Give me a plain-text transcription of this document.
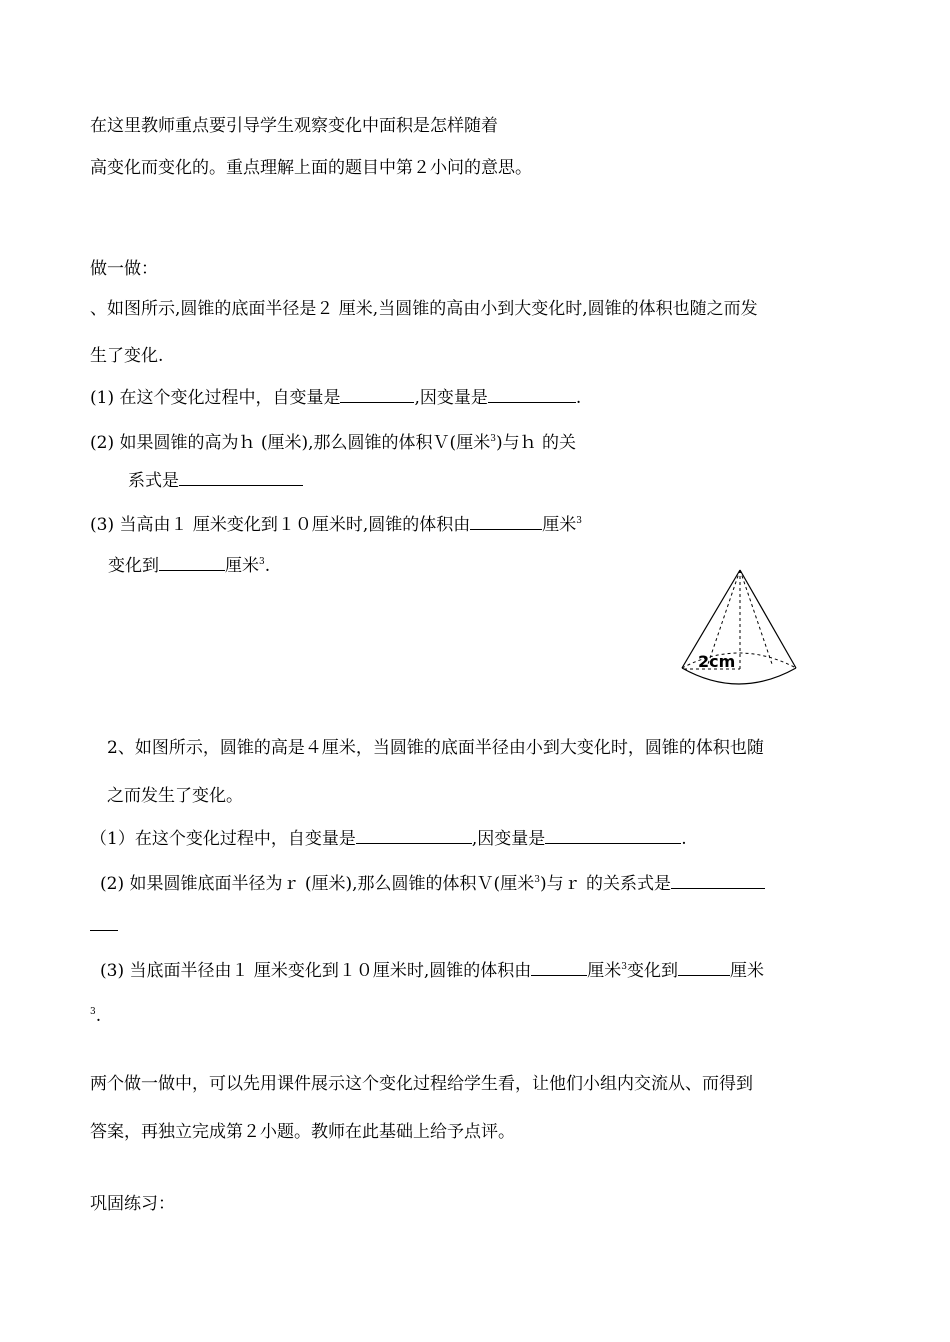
在这里教师重点要引导学生观察变化中面积是怎样随着
高变化而变化的。重点理解上面的题目中第２小问的意思。
做一做：
、如图所示,圆锥的底面半径是２ 厘米,当圆锥的高由小到大变化时,圆锥的体积也随之而发
生了变化.
(1) 在这个变化过程中，自变量是	,因变量是	.
(2) 如果圆锥的高为ｈ (厘米),那么圆锥的体积Ｖ(厘米$^3$)与ｈ 的关
系式是
(3) 当高由１ 厘米变化到１０厘米时,圆锥的体积由	厘米$^3$
变化到	厘米$^3$.
2cm
2、如图所示，圆锥的高是４厘米，当圆锥的底面半径由小到大变化时，圆锥的体积也随
之而发生了变化。
（1）在这个变化过程中，自变量是	,因变量是	.
(2) 如果圆锥底面半径为ｒ (厘米),那么圆锥的体积Ｖ(厘米$^3$)与ｒ 的关系式是
(3) 当底面半径由１ 厘米变化到１０厘米时,圆锥的体积由	厘米$^3$变化到	厘米
$^3$.
两个做一做中，可以先用课件展示这个变化过程给学生看，让他们小组内交流从、而得到
答案，再独立完成第２小题。教师在此基础上给予点评。
巩固练习：
